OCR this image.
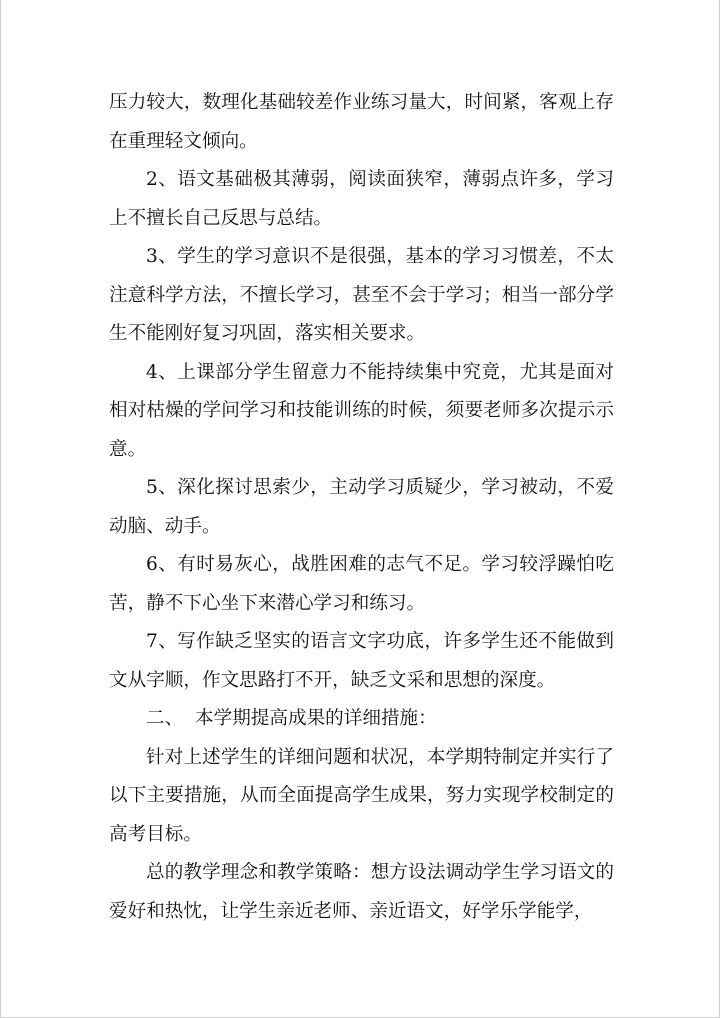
压力较大，数理化基础较差作业练习量大，时间紧，客观上存在重理轻文倾向。

2、语文基础极其薄弱，阅读面狭窄，薄弱点许多，学习上不擅长自己反思与总结。

3、学生的学习意识不是很强，基本的学习习惯差，不太注意科学方法，不擅长学习，甚至不会于学习；相当一部分学生不能刚好复习巩固，落实相关要求。

4、上课部分学生留意力不能持续集中究竟，尤其是面对相对枯燥的学问学习和技能训练的时候，须要老师多次提示示意。

5、深化探讨思索少，主动学习质疑少，学习被动，不爱动脑、动手。

6、有时易灰心，战胜困难的志气不足。学习较浮躁怕吃苦，静不下心坐下来潜心学习和练习。

7、写作缺乏坚实的语言文字功底，许多学生还不能做到文从字顺，作文思路打不开，缺乏文采和思想的深度。

二、  本学期提高成果的详细措施：

针对上述学生的详细问题和状况，本学期特制定并实行了以下主要措施，从而全面提高学生成果，努力实现学校制定的高考目标。

总的教学理念和教学策略：想方设法调动学生学习语文的爱好和热忱，让学生亲近老师、亲近语文，好学乐学能学，
